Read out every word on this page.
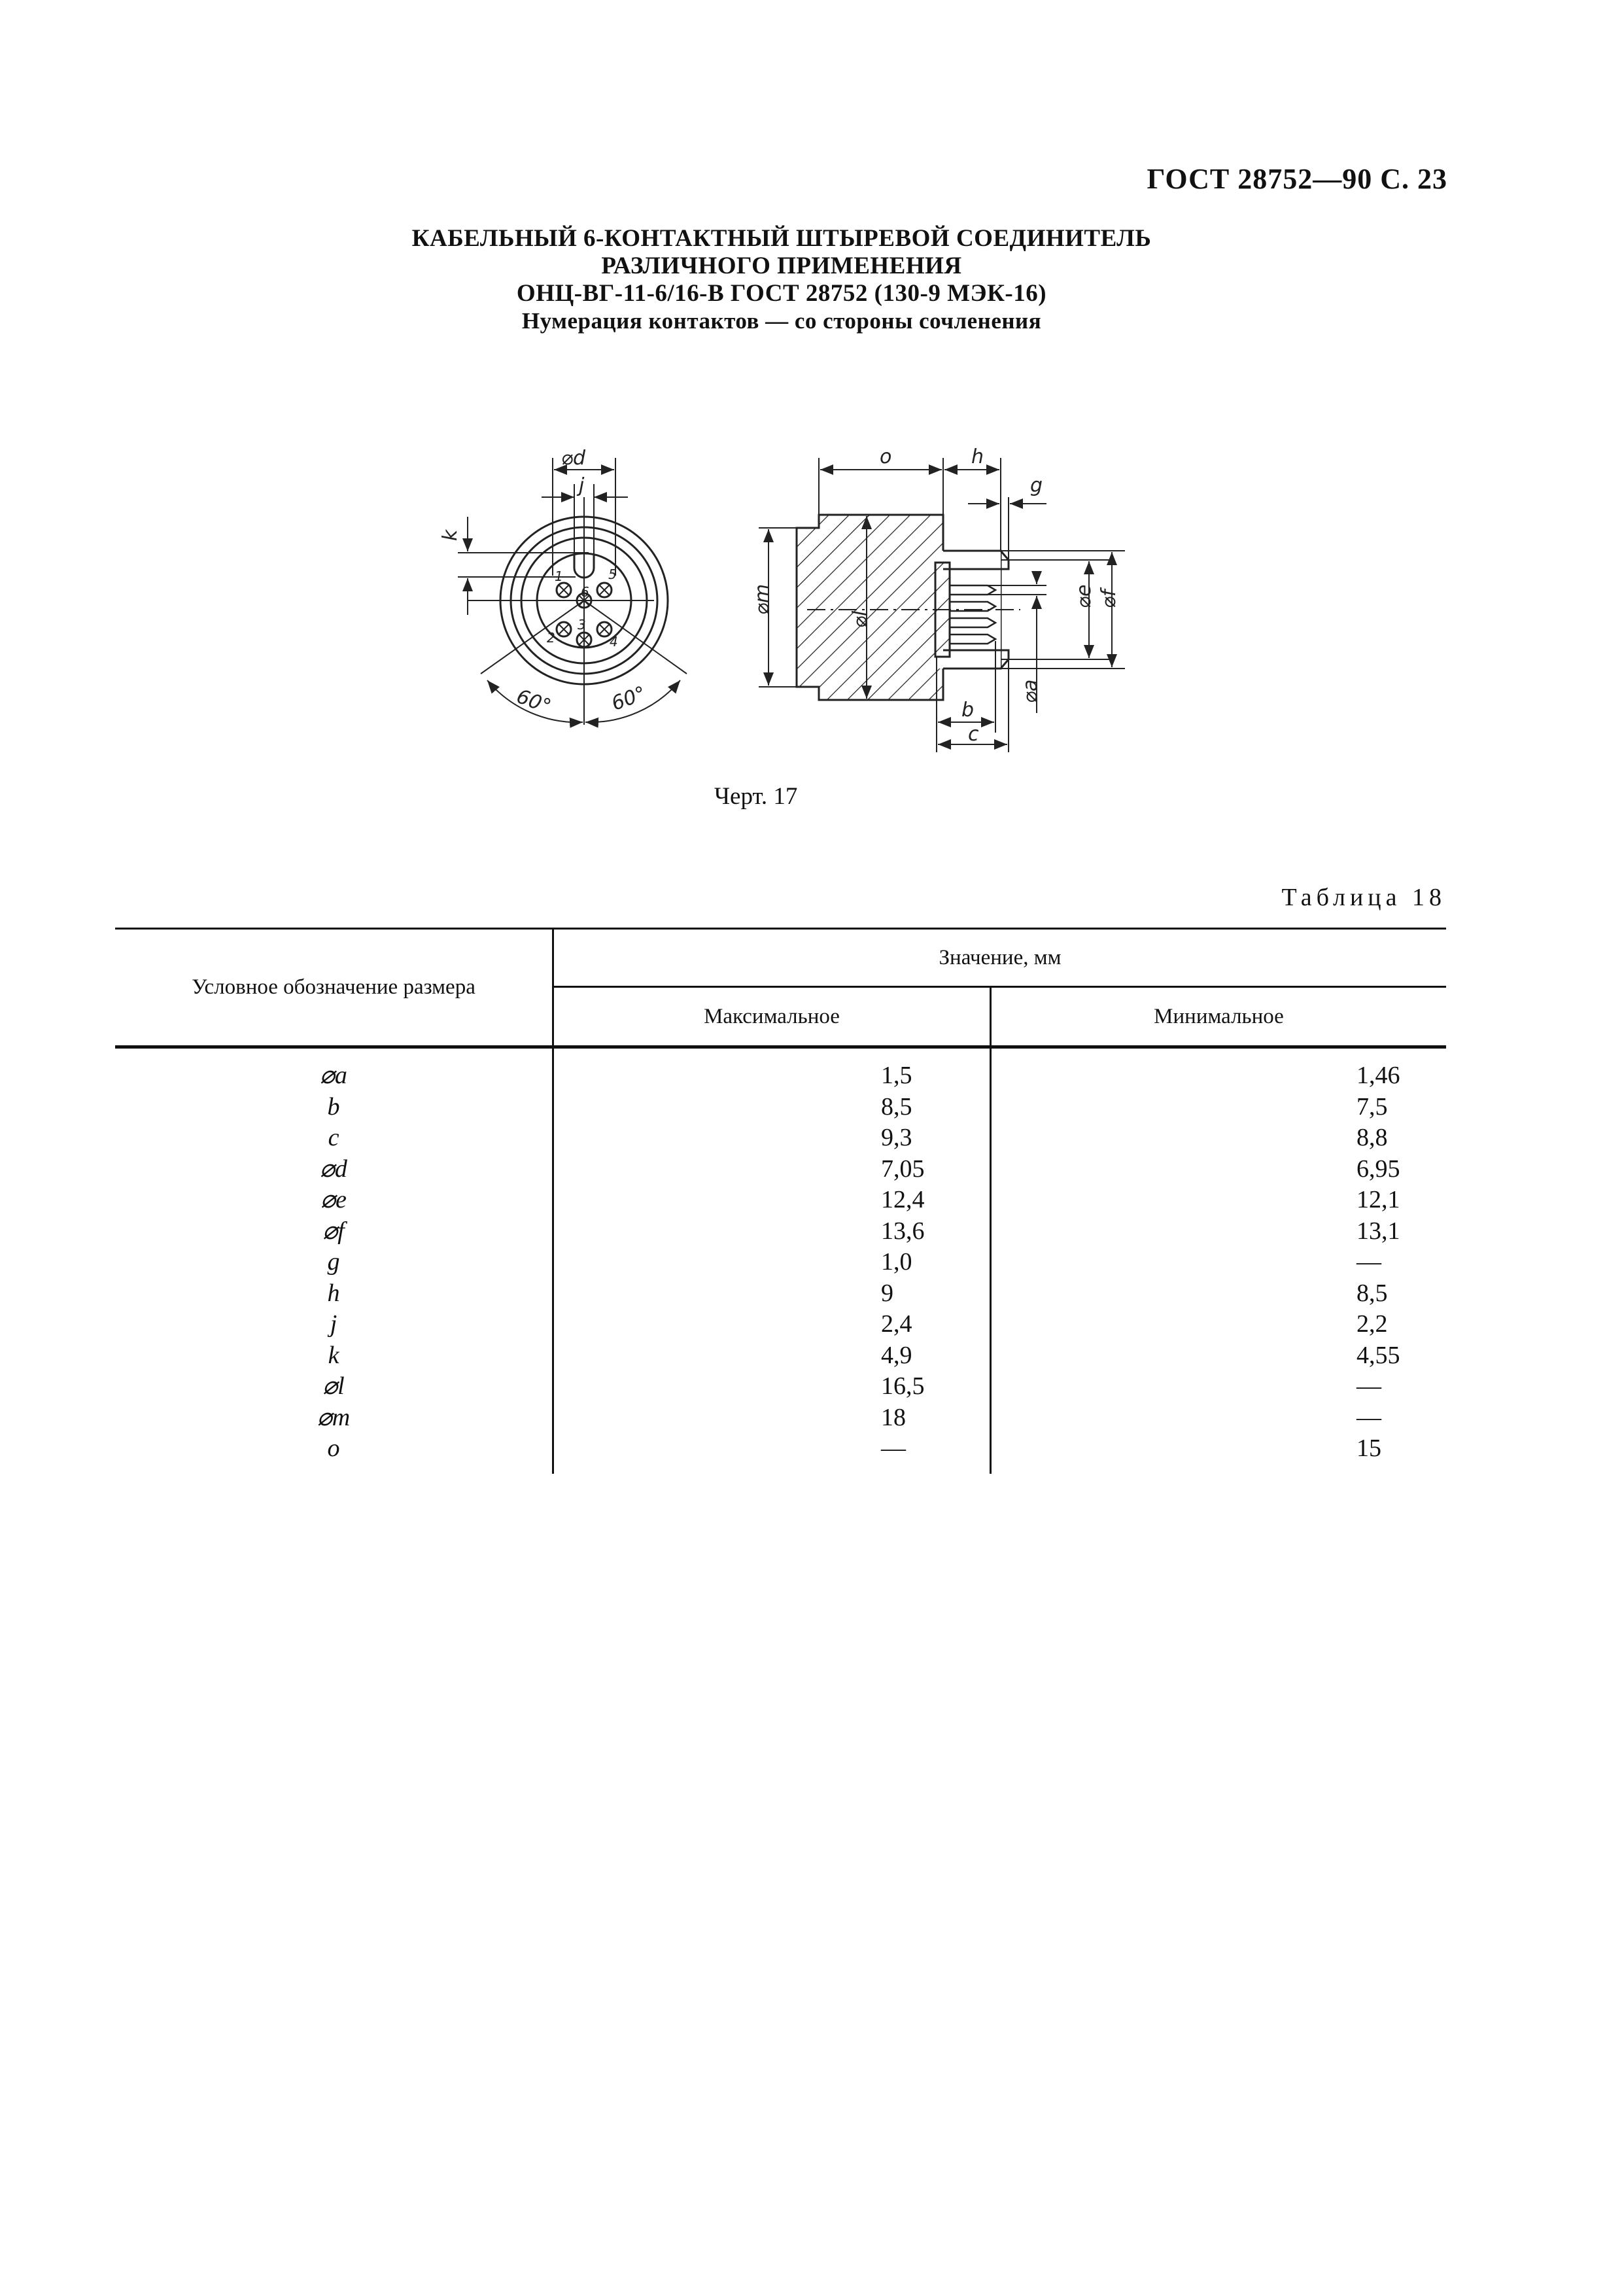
ГОСТ 28752—90 С. 23
КАБЕЛЬНЫЙ 6-КОНТАКТНЫЙ ШТЫРЕВОЙ СОЕДИНИТЕЛЬ
РАЗЛИЧНОГО ПРИМЕНЕНИЯ
ОНЦ-ВГ-11-6/16-В ГОСТ 28752 (130-9 МЭК-16)
Нумерация контактов — со стороны сочленения
⌀d
j
k
60°	60°
1
2
3
4
5
6
o	h
g
⌀m
⌀l
⌀e ⌀f
⌀a
b
c
Черт. 17
Таблица 18
Условное обозначение размера	Значение, мм	
	Максимальное	Минимальное
⌀a	1,5	1,46
b	8,5	7,5
c	9,3	8,8
⌀d	7,05	6,95
⌀e	12,4	12,1
⌀f	13,6	13,1
g	1,0	—
h	9	8,5
j	2,4	2,2
k	4,9	4,55
⌀l	16,5	—
⌀m	18	—
o	—	15
